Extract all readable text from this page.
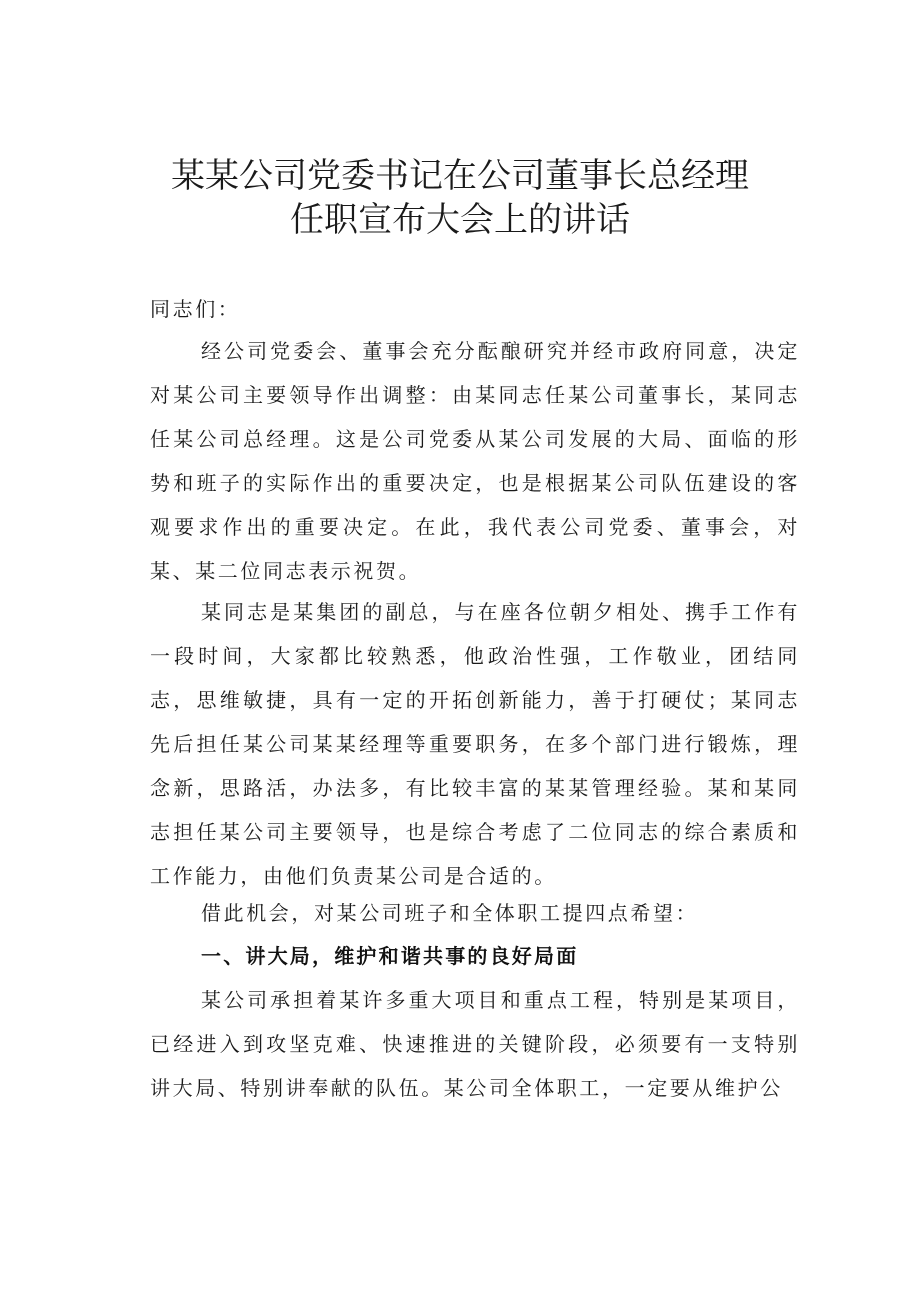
某某公司党委书记在公司董事长总经理
任职宣布大会上的讲话
同志们：
经公司党委会、董事会充分酝酿研究并经市政府同意，决定对某公司主要领导作出调整：由某同志任某公司董事长，某同志任某公司总经理。这是公司党委从某公司发展的大局、面临的形势和班子的实际作出的重要决定，也是根据某公司队伍建设的客观要求作出的重要决定。在此，我代表公司党委、董事会，对某、某二位同志表示祝贺。
某同志是某集团的副总，与在座各位朝夕相处、携手工作有一段时间，大家都比较熟悉，他政治性强，工作敬业，团结同志，思维敏捷，具有一定的开拓创新能力，善于打硬仗；某同志先后担任某公司某某经理等重要职务，在多个部门进行锻炼，理念新，思路活，办法多，有比较丰富的某某管理经验。某和某同志担任某公司主要领导，也是综合考虑了二位同志的综合素质和工作能力，由他们负责某公司是合适的。
借此机会，对某公司班子和全体职工提四点希望：
一、讲大局，维护和谐共事的良好局面
某公司承担着某许多重大项目和重点工程，特别是某项目，已经进入到攻坚克难、快速推进的关键阶段，必须要有一支特别讲大局、特别讲奉献的队伍。某公司全体职工，一定要从维护公
